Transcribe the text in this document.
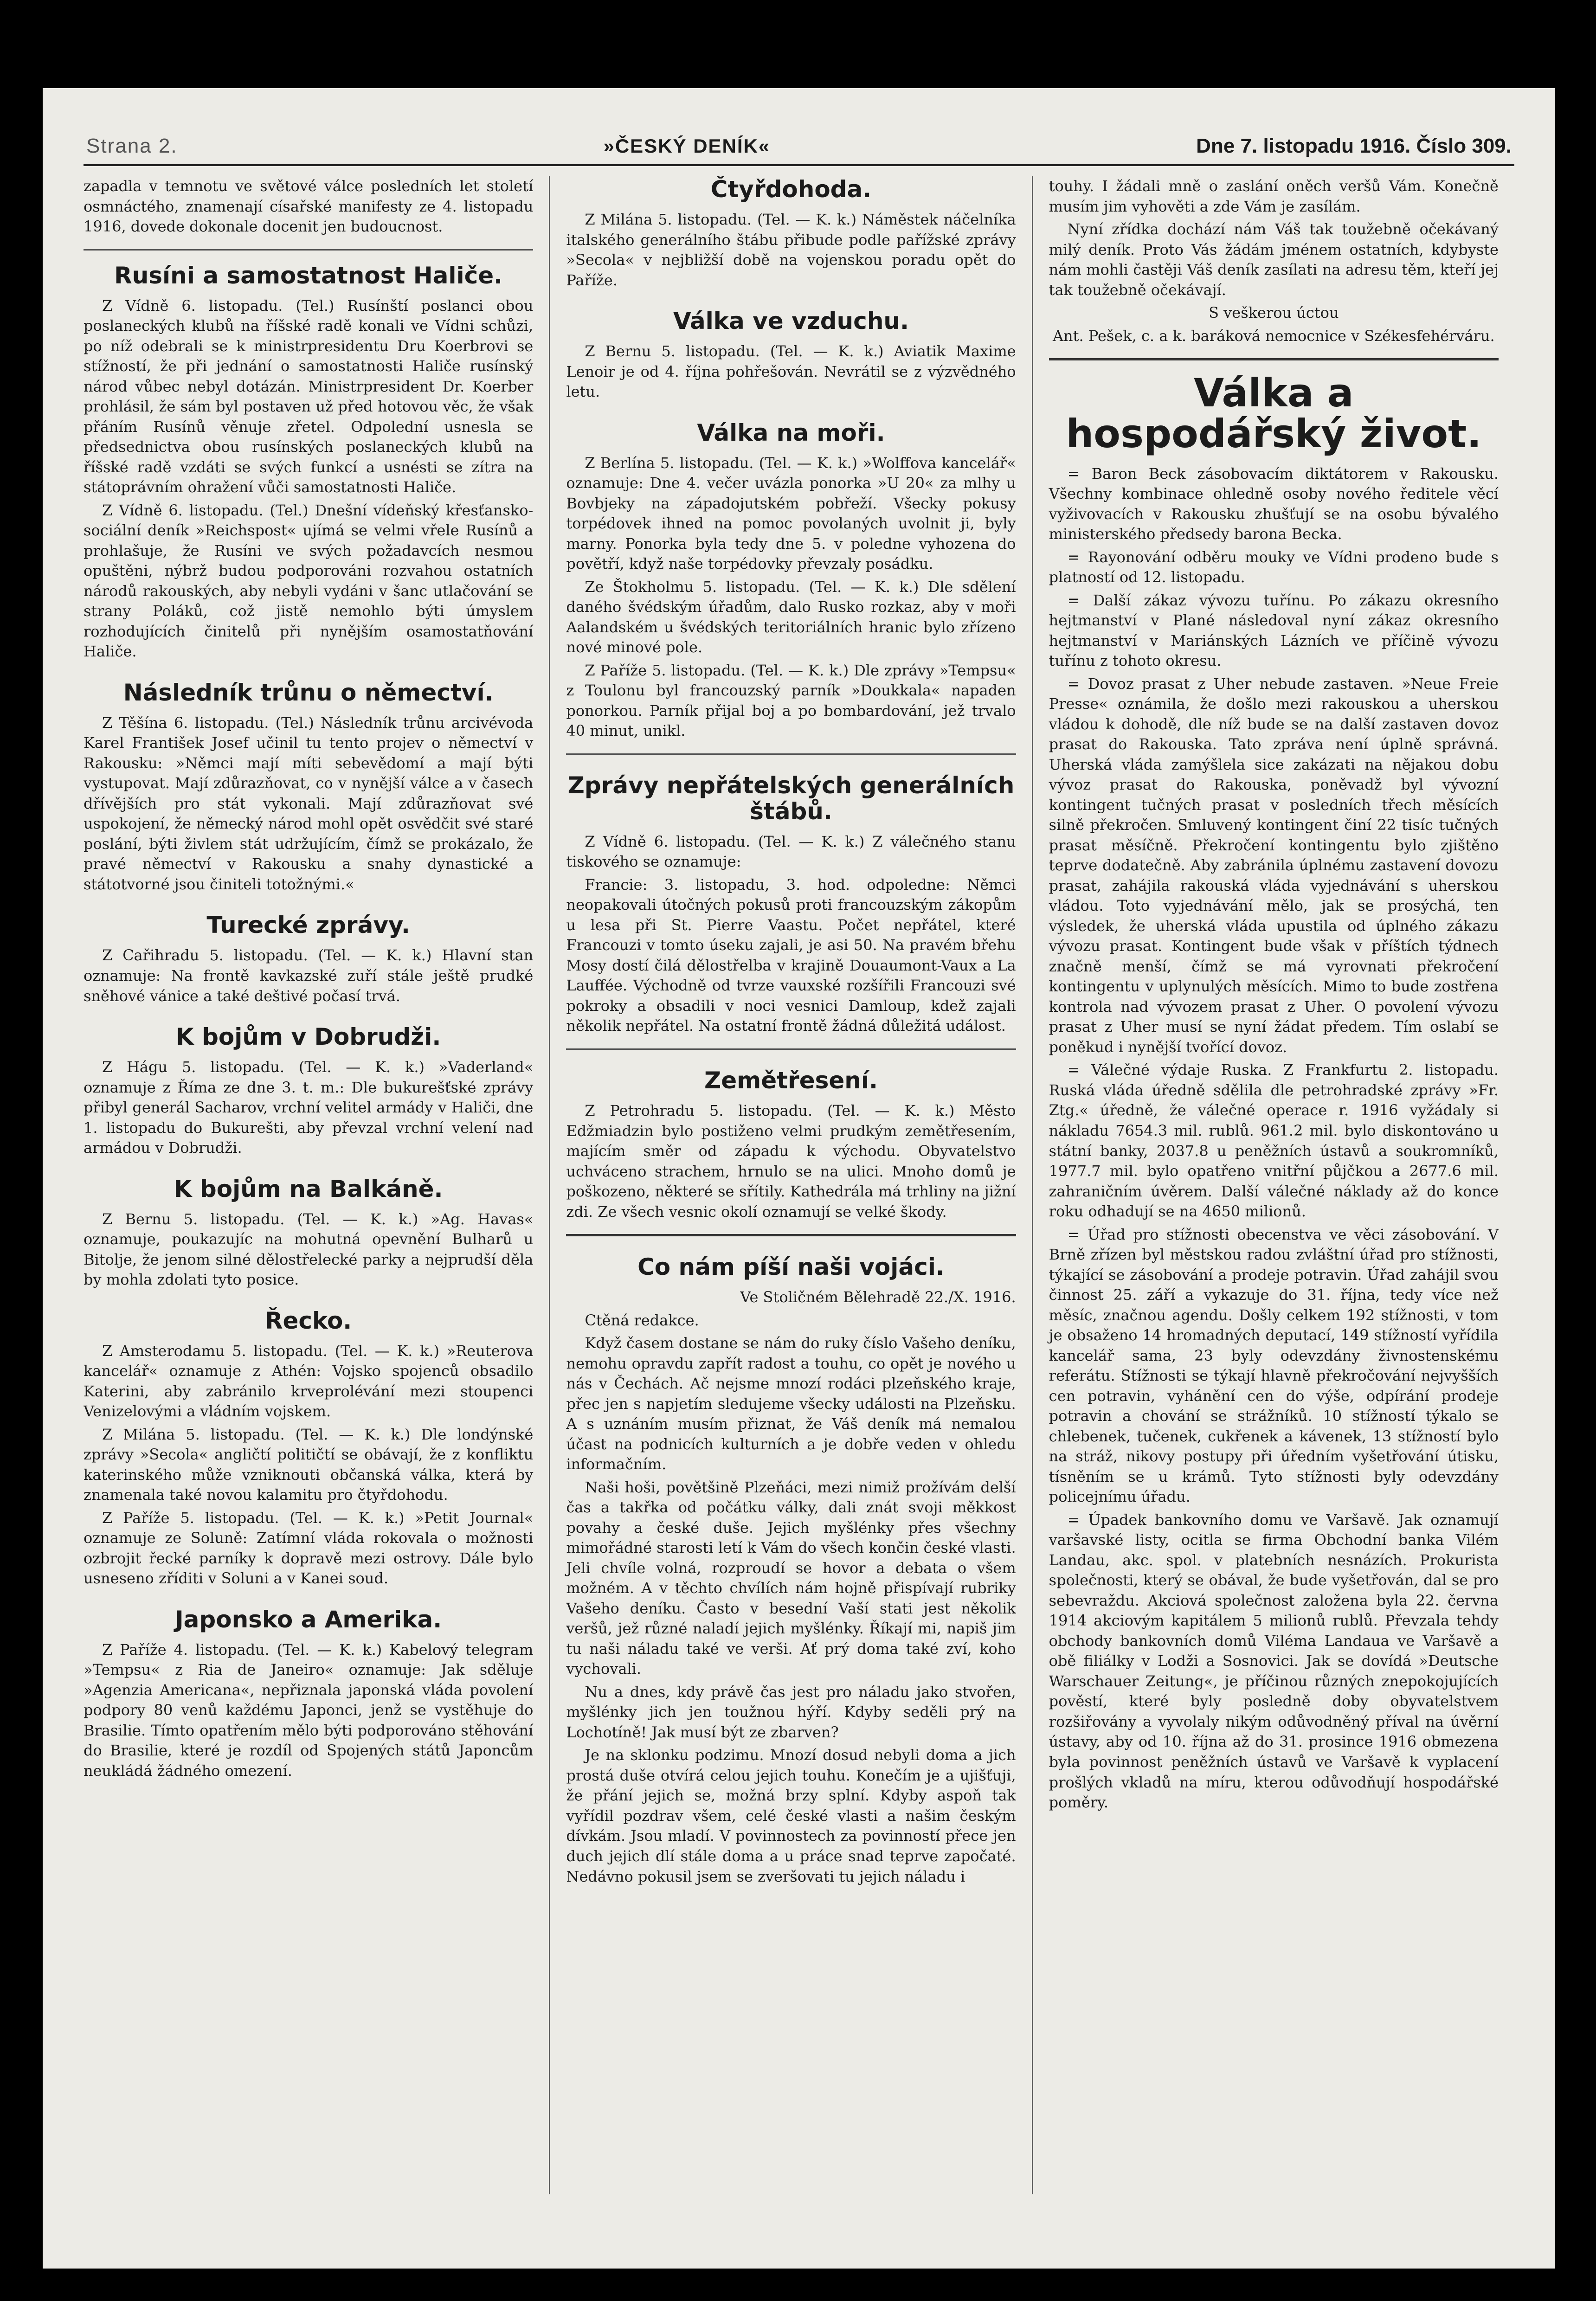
Strana 2.	»ČESKÝ DENÍK«	Dne 7. listopadu 1916. Číslo 309.

zapadla v temnotu ve světové válce posledních let století osmnáctého, znamenají císařské manifesty ze 4. listopadu 1916, dovede dokonale docenit jen budoucnost.

Rusíni a samostatnost Haliče.

Z Vídně 6. listopadu. (Tel.) Rusínští poslanci obou poslaneckých klubů na říšské radě konali ve Vídni schůzi, po níž odebrali se k ministrpresidentu Dru Koerbrovi se stížností, že při jednání o samostatnosti Haliče rusínský národ vůbec nebyl dotázán. Ministrpresident Dr. Koerber prohlásil, že sám byl postaven už před hotovou věc, že však přáním Rusínů věnuje zřetel. Odpolední usnesla se předsednictva obou rusínských poslaneckých klubů na říšské radě vzdáti se svých funkcí a usnésti se zítra na státoprávním ohražení vůči samostatnosti Haliče.

Z Vídně 6. listopadu. (Tel.) Dnešní vídeňský křesťansko-sociální deník »Reichspost« ujímá se velmi vřele Rusínů a prohlašuje, že Rusíni ve svých požadavcích nesmou opuštěni, nýbrž budou podporováni rozvahou ostatních národů rakouských, aby nebyli vydáni v šanc utlačování se strany Poláků, což jistě nemohlo býti úmyslem rozhodujících činitelů při nynějším osamostatňování Haliče.

Následník trůnu o němectví.

Z Těšína 6. listopadu. (Tel.) Následník trůnu arcivévoda Karel František Josef učinil tu tento projev o němectví v Rakousku: »Němci mají míti sebevědomí a mají býti vystupovat. Mají zdůrazňovat, co v nynější válce a v časech dřívějších pro stát vykonali. Mají zdůrazňovat své uspokojení, že německý národ mohl opět osvědčit své staré poslání, býti živlem stát udržujícím, čímž se prokázalo, že pravé němectví v Rakousku a snahy dynastické a státotvorné jsou činiteli totožnými.«

Turecké zprávy.

Z Cařihradu 5. listopadu. (Tel. — K. k.) Hlavní stan oznamuje: Na frontě kavkazské zuří stále ještě prudké sněhové vánice a také deštivé počasí trvá.

K bojům v Dobrudži.

Z Hágu 5. listopadu. (Tel. — K. k.) »Vaderland« oznamuje z Říma ze dne 3. t. m.: Dle bukurešťské zprávy přibyl generál Sacharov, vrchní velitel armády v Haliči, dne 1. listopadu do Bukurešti, aby převzal vrchní velení nad armádou v Dobrudži.

K bojům na Balkáně.

Z Bernu 5. listopadu. (Tel. — K. k.) »Ag. Havas« oznamuje, poukazujíc na mohutná opevnění Bulharů u Bitolje, že jenom silné dělostřelecké parky a nejprudší děla by mohla zdolati tyto posice.

Řecko.

Z Amsterodamu 5. listopadu. (Tel. — K. k.) »Reuterova kancelář« oznamuje z Athén: Vojsko spojenců obsadilo Katerini, aby zabránilo krveprolévání mezi stoupenci Venizelovými a vládním vojskem.

Z Milána 5. listopadu. (Tel. — K. k.) Dle londýnské zprávy »Secola« angličtí političtí se obávají, že z konfliktu katerinského může vzniknouti občanská válka, která by znamenala také novou kalamitu pro čtyřdohodu.

Z Paříže 5. listopadu. (Tel. — K. k.) »Petit Journal« oznamuje ze Soluně: Zatímní vláda rokovala o možnosti ozbrojit řecké parníky k dopravě mezi ostrovy. Dále bylo usneseno zříditi v Soluni a v Kanei soud.

Japonsko a Amerika.

Z Paříže 4. listopadu. (Tel. — K. k.) Kabelový telegram »Tempsu« z Ria de Janeiro« oznamuje: Jak sděluje »Agenzia Americana«, nepřiznala japonská vláda povolení podpory 80 venů každému Japonci, jenž se vystěhuje do Brasilie. Tímto opatřením mělo býti podporováno stěhování do Brasilie, které je rozdíl od Spojených států Japoncům neukládá žádného omezení.

Čtyřdohoda.

Z Milána 5. listopadu. (Tel. — K. k.) Náměstek náčelníka italského generálního štábu přibude podle pařížské zprávy »Secola« v nejbližší době na vojenskou poradu opět do Paříže.

Válka ve vzduchu.

Z Bernu 5. listopadu. (Tel. — K. k.) Aviatik Maxime Lenoir je od 4. října pohřešován. Nevrátil se z výzvědného letu.

Válka na moři.

Z Berlína 5. listopadu. (Tel. — K. k.) »Wolffova kancelář« oznamuje: Dne 4. večer uvázla ponorka »U 20« za mlhy u Bovbjeky na západojutském pobřeží. Všecky pokusy torpédovek ihned na pomoc povolaných uvolnit ji, byly marny. Ponorka byla tedy dne 5. v poledne vyhozena do povětří, když naše torpédovky převzaly posádku.

Ze Štokholmu 5. listopadu. (Tel. — K. k.) Dle sdělení daného švédským úřadům, dalo Rusko rozkaz, aby v moři Aalandském u švédských teritoriálních hranic bylo zřízeno nové minové pole.

Z Paříže 5. listopadu. (Tel. — K. k.) Dle zprávy »Tempsu« z Toulonu byl francouzský parník »Doukkala« napaden ponorkou. Parník přijal boj a po bombardování, jež trvalo 40 minut, unikl.

Zprávy nepřátelských generálních štábů.

Z Vídně 6. listopadu. (Tel. — K. k.) Z válečného stanu tiskového se oznamuje:

Francie: 3. listopadu, 3. hod. odpoledne: Němci neopakovali útočných pokusů proti francouzským zákopům u lesa při St. Pierre Vaastu. Počet nepřátel, které Francouzi v tomto úseku zajali, je asi 50. Na pravém břehu Mosy dostí čilá dělostřelba v krajině Douaumont-Vaux a La Lauffée. Východně od tvrze vauxské rozšířili Francouzi své pokroky a obsadili v noci vesnici Damloup, kdež zajali několik nepřátel. Na ostatní frontě žádná důležitá událost.

Zemětřesení.

Z Petrohradu 5. listopadu. (Tel. — K. k.) Město Edžmiadzin bylo postiženo velmi prudkým zemětřesením, majícím směr od západu k východu. Obyvatelstvo uchváceno strachem, hrnulo se na ulici. Mnoho domů je poškozeno, některé se sřítily. Kathedrála má trhliny na jižní zdi. Ze všech vesnic okolí oznamují se velké škody.

Co nám píší naši vojáci.

Ve Stoličném Bělehradě 22./X. 1916.

Ctěná redakce.

Když časem dostane se nám do ruky číslo Vašeho deníku, nemohu opravdu zapřít radost a touhu, co opět je nového u nás v Čechách. Ač nejsme mnozí rodáci plzeňského kraje, přec jen s napjetím sledujeme všecky události na Plzeňsku. A s uznáním musím přiznat, že Váš deník má nemalou účast na podnicích kulturních a je dobře veden v ohledu informačním.

Naši hoši, povětšině Plzeňáci, mezi nimiž prožívám delší čas a takřka od počátku války, dali znát svoji měkkost povahy a české duše. Jejich myšlénky přes všechny mimořádné starosti letí k Vám do všech končin české vlasti. Jeli chvíle volná, rozproudí se hovor a debata o všem možném. A v těchto chvílích nám hojně přispívají rubriky Vašeho deníku. Často v besední Vaší stati jest několik veršů, jež různé naladí jejich myšlénky. Říkají mi, napiš jim tu naši náladu také ve verši. Ať prý doma také zví, koho vychovali.

Nu a dnes, kdy právě čas jest pro náladu jako stvořen, myšlénky jich jen toužnou hýří. Kdyby seděli prý na Lochotíně! Jak musí být ze zbarven?

Je na sklonku podzimu. Mnozí dosud nebyli doma a jich prostá duše otvírá celou jejich touhu. Konečím je a ujišťuji, že přání jejich se, možná brzy splní. Kdyby aspoň tak vyřídil pozdrav všem, celé české vlasti a našim českým dívkám. Jsou mladí. V povinnostech za povinností přece jen duch jejich dlí stále doma a u práce snad teprve započaté. Nedávno pokusil jsem se zveršovati tu jejich náladu i

touhy. I žádali mně o zaslání oněch veršů Vám. Konečně musím jim vyhověti a zde Vám je zasílám.

Nyní zřídka dochází nám Váš tak toužebně očekávaný milý deník. Proto Vás žádám jménem ostatních, kdybyste nám mohli častěji Váš deník zasílati na adresu těm, kteří jej tak toužebně očekávají.

S veškerou úctou

Ant. Pešek, c. a k. baráková nemocnice v Székesfehérváru.

Válka a hospodářský život.

= Baron Beck zásobovacím diktátorem v Rakousku. Všechny kombinace ohledně osoby nového ředitele věcí vyživovacích v Rakousku zhušťují se na osobu bývalého ministerského předsedy barona Becka.

= Rayonování odběru mouky ve Vídni prodeno bude s platností od 12. listopadu.

= Další zákaz vývozu tuřínu. Po zákazu okresního hejtmanství v Plané následoval nyní zákaz okresního hejtmanství v Mariánských Lázních ve příčině vývozu tuřínu z tohoto okresu.

= Dovoz prasat z Uher nebude zastaven. »Neue Freie Presse« oznámila, že došlo mezi rakouskou a uherskou vládou k dohodě, dle níž bude se na další zastaven dovoz prasat do Rakouska. Tato zpráva není úplně správná. Uherská vláda zamýšlela sice zakázati na nějakou dobu vývoz prasat do Rakouska, poněvadž byl vývozní kontingent tučných prasat v posledních třech měsících silně překročen. Smluvený kontingent činí 22 tisíc tučných prasat měsíčně. Překročení kontingentu bylo zjištěno teprve dodatečně. Aby zabránila úplnému zastavení dovozu prasat, zahájila rakouská vláda vyjednávání s uherskou vládou. Toto vyjednávání mělo, jak se prosýchá, ten výsledek, že uherská vláda upustila od úplného zákazu vývozu prasat. Kontingent bude však v příštích týdnech značně menší, čímž se má vyrovnati překročení kontingentu v uplynulých měsících. Mimo to bude zostřena kontrola nad vývozem prasat z Uher. O povolení vývozu prasat z Uher musí se nyní žádat předem. Tím oslabí se poněkud i nynější tvořící dovoz.

= Válečné výdaje Ruska. Z Frankfurtu 2. listopadu. Ruská vláda úředně sdělila dle petrohradské zprávy »Fr. Ztg.« úředně, že válečné operace r. 1916 vyžádaly si nákladu 7654.3 mil. rublů. 961.2 mil. bylo diskontováno u státní banky, 2037.8 u peněžních ústavů a soukromníků, 1977.7 mil. bylo opatřeno vnitřní půjčkou a 2677.6 mil. zahraničním úvěrem. Další válečné náklady až do konce roku odhadují se na 4650 milionů.

= Úřad pro stížnosti obecenstva ve věci zásobování. V Brně zřízen byl městskou radou zvláštní úřad pro stížnosti, týkající se zásobování a prodeje potravin. Úřad zahájil svou činnost 25. září a vykazuje do 31. října, tedy více než měsíc, značnou agendu. Došly celkem 192 stížnosti, v tom je obsaženo 14 hromadných deputací, 149 stížností vyřídila kancelář sama, 23 byly odevzdány živnostenskému referátu. Stížnosti se týkají hlavně překročování nejvyšších cen potravin, vyhánění cen do výše, odpírání prodeje potravin a chování se strážníků. 10 stížností týkalo se chlebenek, tučenek, cukřenek a kávenek, 13 stížností bylo na stráž, nikovy postupy při úředním vyšetřování útisku, tísněním se u krámů. Tyto stížnosti byly odevzdány policejnímu úřadu.

= Úpadek bankovního domu ve Varšavě. Jak oznamují varšavské listy, ocitla se firma Obchodní banka Vilém Landau, akc. spol. v platebních nesnázích. Prokurista společnosti, který se obával, že bude vyšetřován, dal se pro sebevraždu. Akciová společnost založena byla 22. června 1914 akciovým kapitálem 5 milionů rublů. Převzala tehdy obchody bankovních domů Viléma Landaua ve Varšavě a obě filiálky v Lodži a Sosnovici. Jak se dovídá »Deutsche Warschauer Zeitung«, je příčinou různých znepokojujících pověstí, které byly posledně doby obyvatelstvem rozšiřovány a vyvolaly nikým odůvodněný příval na úvěrní ústavy, aby od 10. října až do 31. prosince 1916 obmezena byla povinnost peněžních ústavů ve Varšavě k vyplacení prošlých vkladů na míru, kterou odůvodňují hospodářské poměry.
